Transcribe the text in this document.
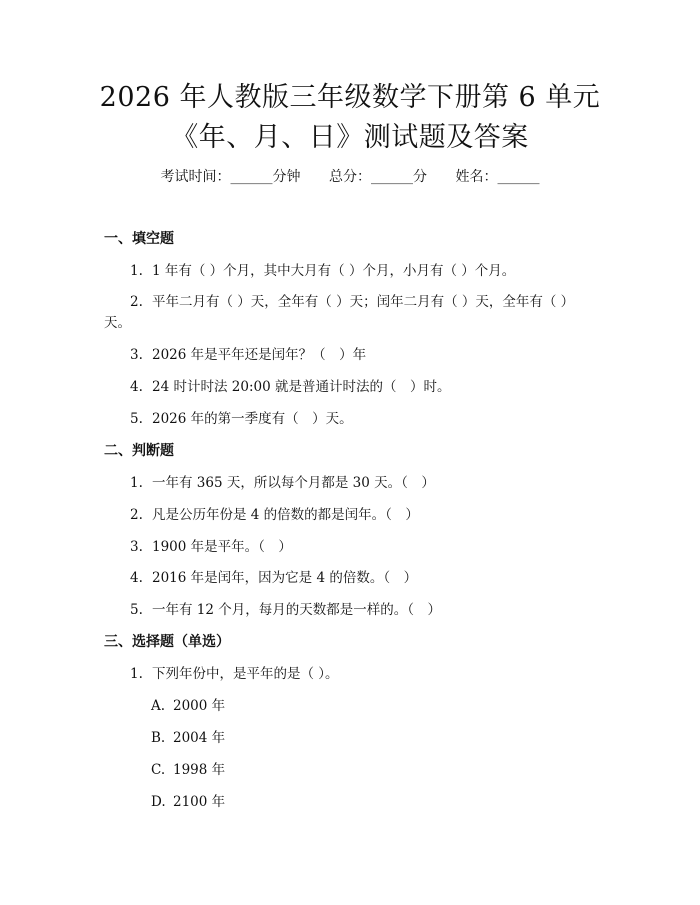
2026 年人教版三年级数学下册第 6 单元
《年、月、日》测试题及答案
考试时间：______分钟 总分：______分 姓名：______
一、填空题
1. 1 年有（ ）个月，其中大月有（ ）个月，小月有（ ）个月。
2. 平年二月有（ ）天，全年有（ ）天；闰年二月有（ ）天，全年有（ ）
天。
3. 2026 年是平年还是闰年？（　）年
4. 24 时计时法 20:00 就是普通计时法的（　）时。
5. 2026 年的第一季度有（　）天。
二、判断题
1. 一年有 365 天，所以每个月都是 30 天。（　）
2. 凡是公历年份是 4 的倍数的都是闰年。（　）
3. 1900 年是平年。（　）
4. 2016 年是闰年，因为它是 4 的倍数。（　）
5. 一年有 12 个月，每月的天数都是一样的。（　）
三、选择题（单选）
1. 下列年份中，是平年的是（ ）。
A. 2000 年
B. 2004 年
C. 1998 年
D. 2100 年
